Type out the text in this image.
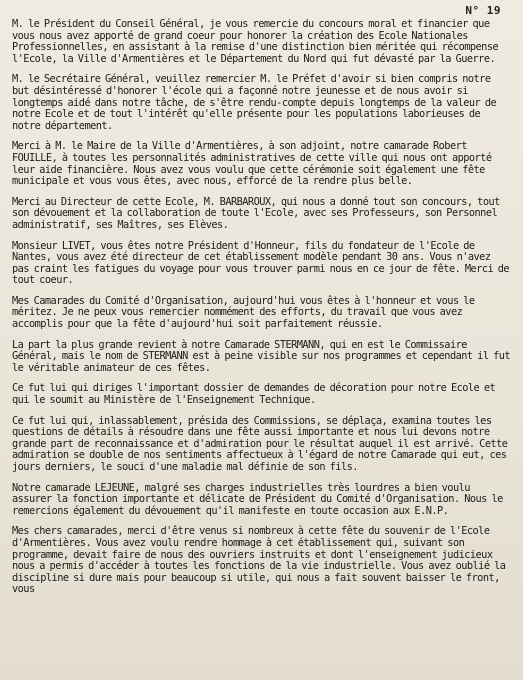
N° 19

M. le Président du Conseil Général, je vous remercie du concours moral et financier que vous nous avez apporté de grand coeur pour honorer la création des Ecole Nationales Professionnelles, en assistant à la remise d'une distinction bien méritée qui récompense l'Ecole, la Ville d'Armentières et le Département du Nord qui fut dévasté par la Guerre.

M. le Secrétaire Général, veuillez remercier M. le Préfet d'avoir si bien compris notre but désintéressé d'honorer l'école qui a façonné notre jeunesse et de nous avoir si longtemps aidé dans notre tâche, de s'être rendu-compte depuis longtemps de la valeur de notre Ecole et de tout l'intérêt qu'elle présente pour les populations laborieuses de notre département.

Merci à M. le Maire de la Ville d'Armentières, à son adjoint, notre camarade Robert FOUILLE, à toutes les personnalités administratives de cette ville qui nous ont apporté leur aide financière. Nous avez vous voulu que cette cérémonie soit également une fête municipale et vous vous êtes, avec nous, efforcé de la rendre plus belle.

Merci au Directeur de cette Ecole, M. BARBAROUX, qui nous a donné tout son concours, tout son dévouement et la collaboration de toute l'Ecole, avec ses Professeurs, son Personnel administratif, ses Maîtres, ses Elèves.

Monsieur LIVET, vous êtes notre Président d'Honneur, fils du fondateur de l'Ecole de Nantes, vous avez été directeur de cet établissement modèle pendant 30 ans. Vous n'avez pas craint les fatigues du voyage pour vous trouver parmi nous en ce jour de fête. Merci de tout coeur.

Mes Camarades du Comité d'Organisation, aujourd'hui vous êtes à l'honneur et vous le méritez. Je ne peux vous remercier nommément des efforts, du travail que vous avez accomplis pour que la fête d'aujourd'hui soit parfaitement réussie.

La part la plus grande revient à notre Camarade STERMANN, qui en est le Commissaire Général, mais le nom de STERMANN est à peine visible sur nos programmes et cependant il fut le véritable animateur de ces fêtes.

Ce fut lui qui diriges l'important dossier de demandes de décoration pour notre Ecole et qui le soumit au Ministère de l'Enseignement Technique.

Ce fut lui qui, inlassablement, présida des Commissions, se déplaça, examina toutes les questions de détails à résoudre dans une fête aussi importante et nous lui devons notre grande part de reconnaissance et d'admiration pour le résultat auquel il est arrivé. Cette admiration se double de nos sentiments affectueux à l'égard de notre Camarade qui eut, ces jours derniers, le souci d'une maladie mal définie de son fils.

Notre camarade LEJEUNE, malgré ses charges industrielles très lourdres a bien voulu assurer la fonction importante et délicate de Président du Comité d'Organisation. Nous le remercions également du dévouement qu'il manifeste en toute occasion aux E.N.P.

Mes chers camarades, merci d'être venus si nombreux à cette fête du souvenir de l'Ecole d'Armentières. Vous avez voulu rendre hommage à cet établissement qui, suivant son programme, devait faire de nous des ouvriers instruits et dont l'enseignement judicieux nous a permis d'accéder à toutes les fonctions de la vie industrielle. Vous avez oublié la discipline si dure mais pour beaucoup si utile, qui nous a fait souvent baisser le front, vous
